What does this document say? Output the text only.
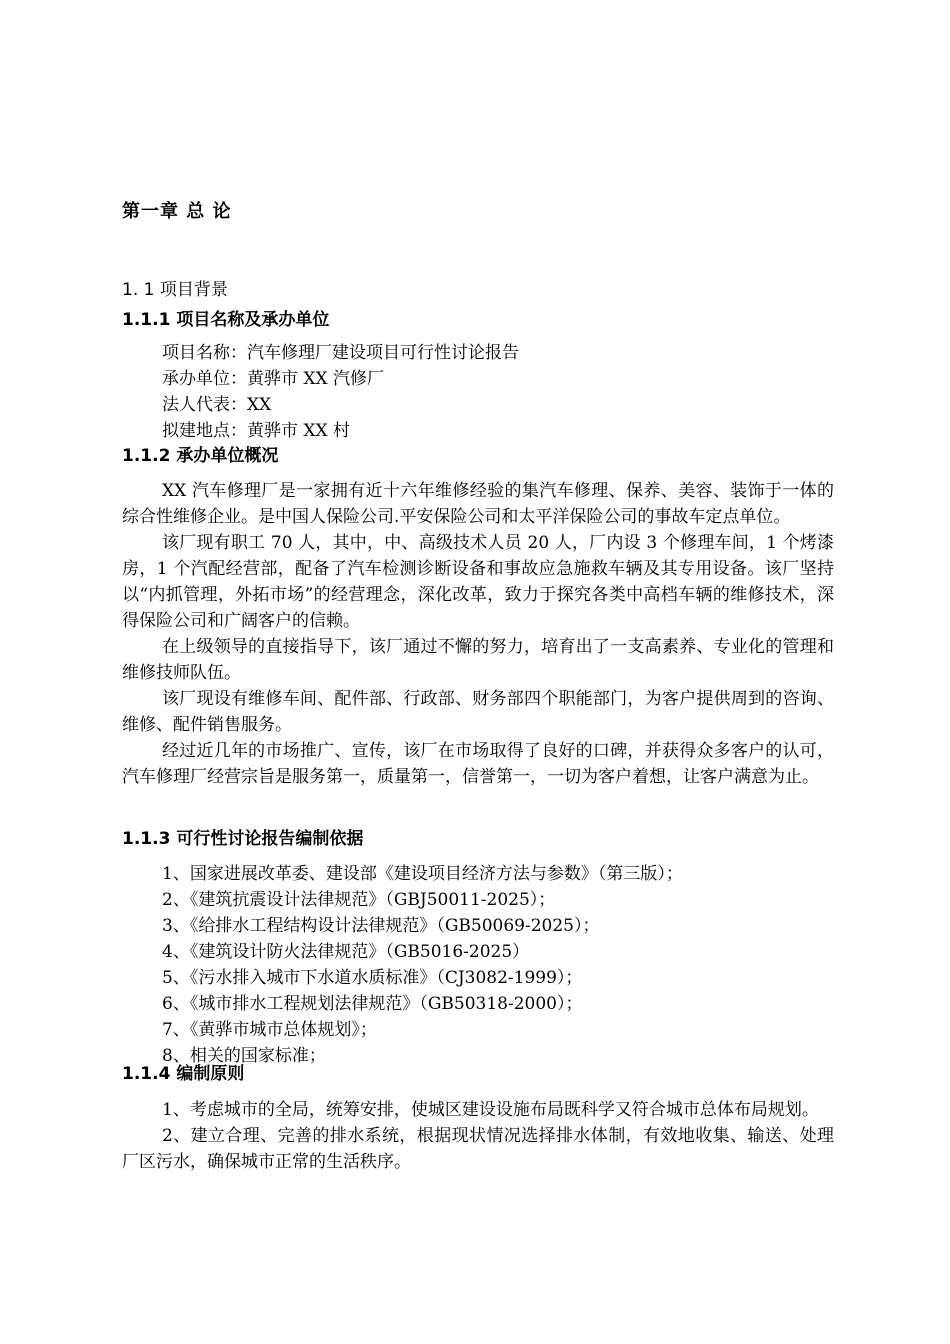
第一章 总 论
1. 1 项目背景
1.1.1 项目名称及承办单位
项目名称：汽车修理厂建设项目可行性讨论报告
承办单位：黄骅市 XX 汽修厂
法人代表：XX
拟建地点：黄骅市 XX 村
1.1.2 承办单位概况

XX 汽车修理厂是一家拥有近十六年维修经验的集汽车修理、保养、美容、装饰于一体的综合性维修企业。是中国人保险公司.平安保险公司和太平洋保险公司的事故车定点单位。

该厂现有职工 70 人，其中，中、高级技术人员 20 人，厂内设 3 个修理车间，1 个烤漆房，1 个汽配经营部，配备了汽车检测诊断设备和事故应急施救车辆及其专用设备。该厂坚持以“内抓管理，外拓市场”的经营理念，深化改革，致力于探究各类中高档车辆的维修技术，深得保险公司和广阔客户的信赖。

在上级领导的直接指导下，该厂通过不懈的努力，培育出了一支高素养、专业化的管理和维修技师队伍。

该厂现设有维修车间、配件部、行政部、财务部四个职能部门，为客户提供周到的咨询、维修、配件销售服务。

经过近几年的市场推广、宣传，该厂在市场取得了良好的口碑，并获得众多客户的认可，汽车修理厂经营宗旨是服务第一，质量第一，信誉第一，一切为客户着想，让客户满意为止。

1.1.3 可行性讨论报告编制依据
1、国家进展改革委、建设部《建设项目经济方法与参数》（第三版）；
2、《建筑抗震设计法律规范》（GBJ50011-2025）；
3、《给排水工程结构设计法律规范》（GB50069-2025）；
4、《建筑设计防火法律规范》（GB5016-2025）
5、《污水排入城市下水道水质标准》（CJ3082-1999）；
6、《城市排水工程规划法律规范》（GB50318-2000）；
7、《黄骅市城市总体规划》；
8、相关的国家标准；
1.1.4 编制原则

1、考虑城市的全局，统筹安排，使城区建设设施布局既科学又符合城市总体布局规划。

2、建立合理、完善的排水系统，根据现状情况选择排水体制，有效地收集、输送、处理厂区污水，确保城市正常的生活秩序。
